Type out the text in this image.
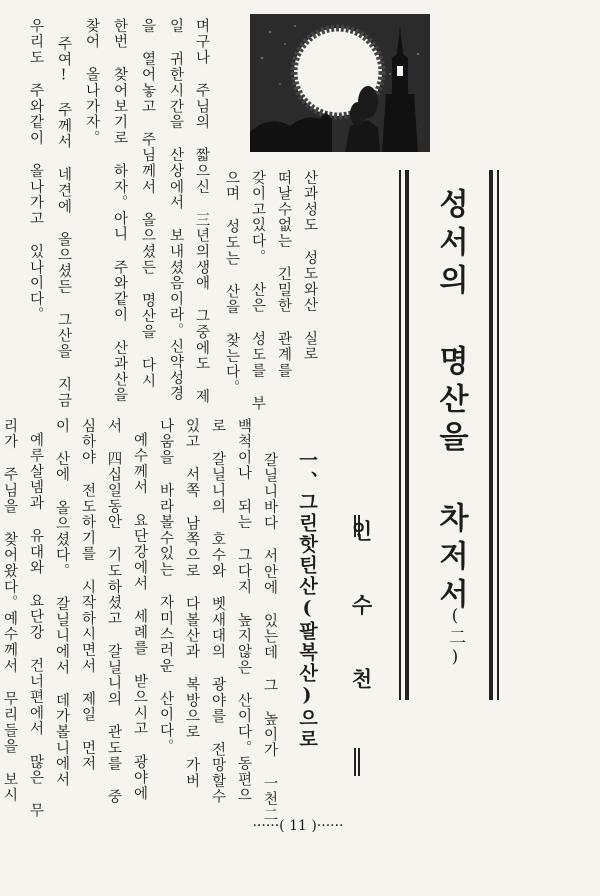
성서의 명산을 차저서
(二)
인 수 천
산과성도
성도와산 실로
떠날수없는 긴밀한 관계를
갖이고있다。 산은 성도를 부
으며 성도는 산을 찾는다。
며구나 주님의 짧으신 三년의생애 그중에도 제
일 귀한시간을 산상에서 보내셨음이라。신약성경
을 열어놓고 주님께서 올으셨든 명산을 다시
한번 찾어보기로 하자。아니 주와같이 산과산을
찾어 올나가자。
주여! 주께서 네견에 올으셨든 그산을 지금
우리도 주와같이 올나가고 있나이다。
一、그린핫틴산(팔복산)으로
갈닐니바다 서안에 있는데 그 높이가 一천二
백척이나 되는 그다지 높지않은 산이다。동편으
로 갈닐니의 호수와 벳새대의 광야를 전망할수
있고 서쪽 남쪽으로 다볼산과 복방으로 가버
나움을 바라볼수있는 자미스러운 산이다。
예수께서 요단강에서 세례를 받으시고 광야에
서 四십일동안 기도하셨고 갈닐니의 관도를 중
심하야 전도하기를 시작하시면서 제일 먼저
이 산에 올으셨다。 갈닐니에서 데가볼니에서
예루살넴과 유대와 요단강 건너편에서 많은 무
리가 주님을 찾어왔다。예수께서 무리들을 보시
······( 11 )······
